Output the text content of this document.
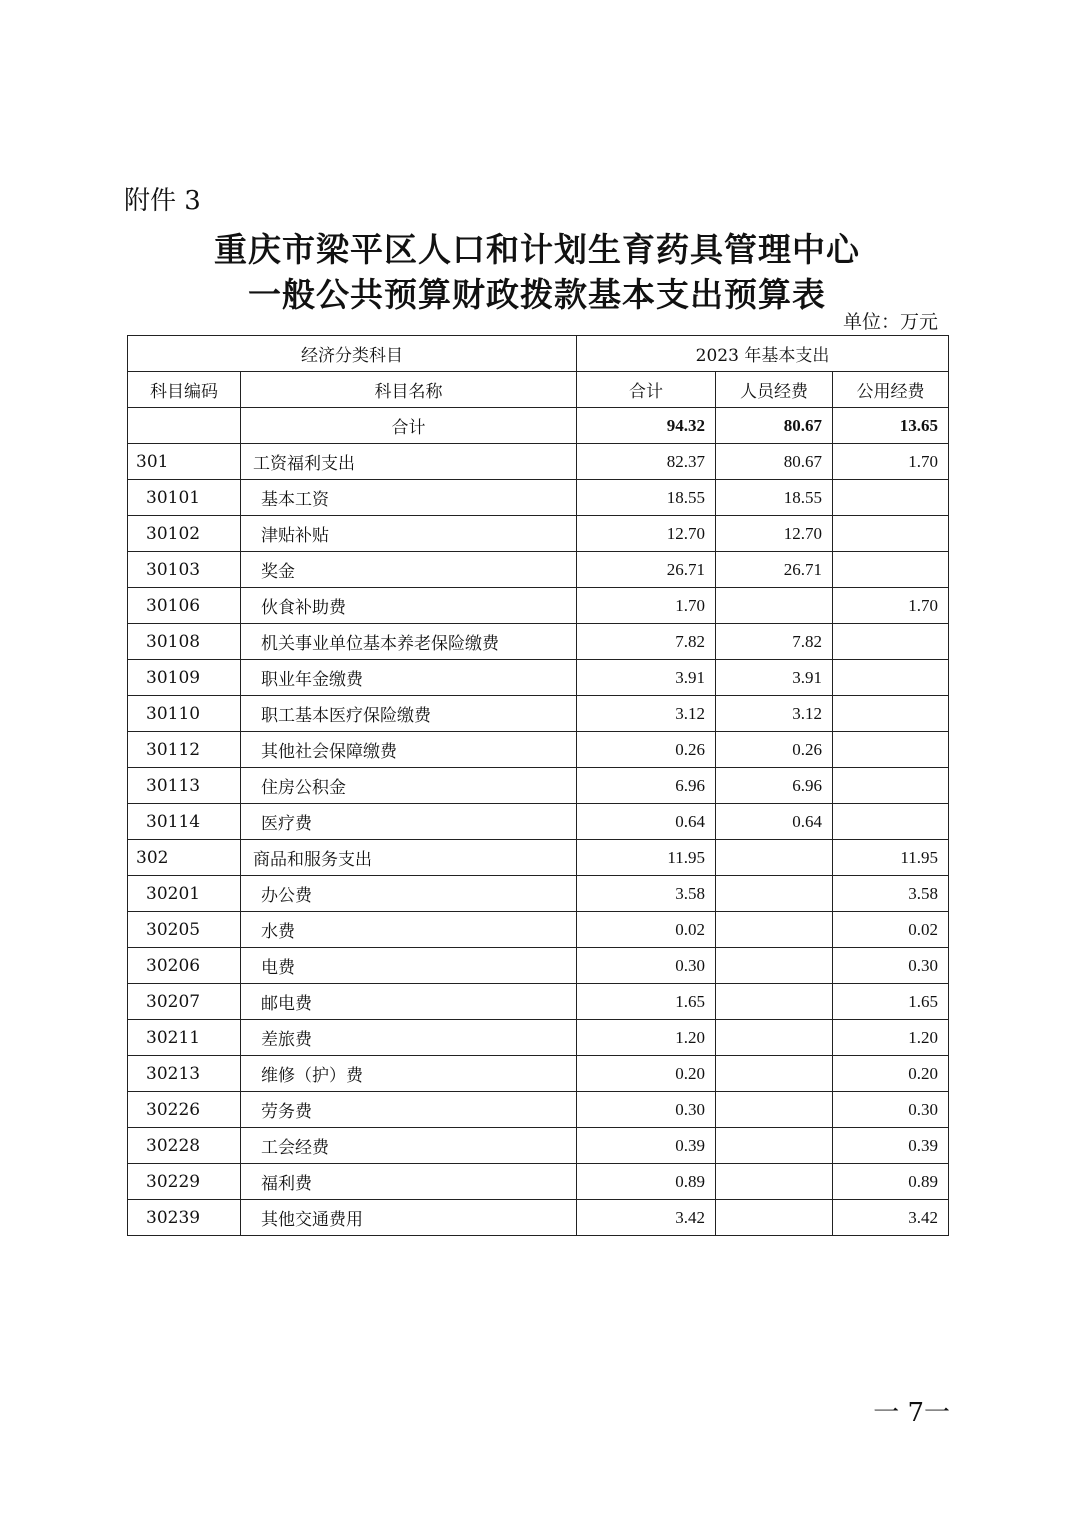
附件 3
重庆市梁平区人口和计划生育药具管理中心
一般公共预算财政拨款基本支出预算表
单位：万元
经济分类科目		2023 年基本支出		
科目编码	科目名称	合计	人员经费	公用经费
	合计	94.32	80.67	13.65
301	工资福利支出	82.37	80.67	1.70
30101	基本工资	18.55	18.55	
30102	津贴补贴	12.70	12.70	
30103	奖金	26.71	26.71	
30106	伙食补助费	1.70		1.70
30108	机关事业单位基本养老保险缴费	7.82	7.82	
30109	职业年金缴费	3.91	3.91	
30110	职工基本医疗保险缴费	3.12	3.12	
30112	其他社会保障缴费	0.26	0.26	
30113	住房公积金	6.96	6.96	
30114	医疗费	0.64	0.64	
302	商品和服务支出	11.95		11.95
30201	办公费	3.58		3.58
30205	水费	0.02		0.02
30206	电费	0.30		0.30
30207	邮电费	1.65		1.65
30211	差旅费	1.20		1.20
30213	维修（护）费	0.20		0.20
30226	劳务费	0.30		0.30
30228	工会经费	0.39		0.39
30229	福利费	0.89		0.89
30239	其他交通费用	3.42		3.42
一 7一
